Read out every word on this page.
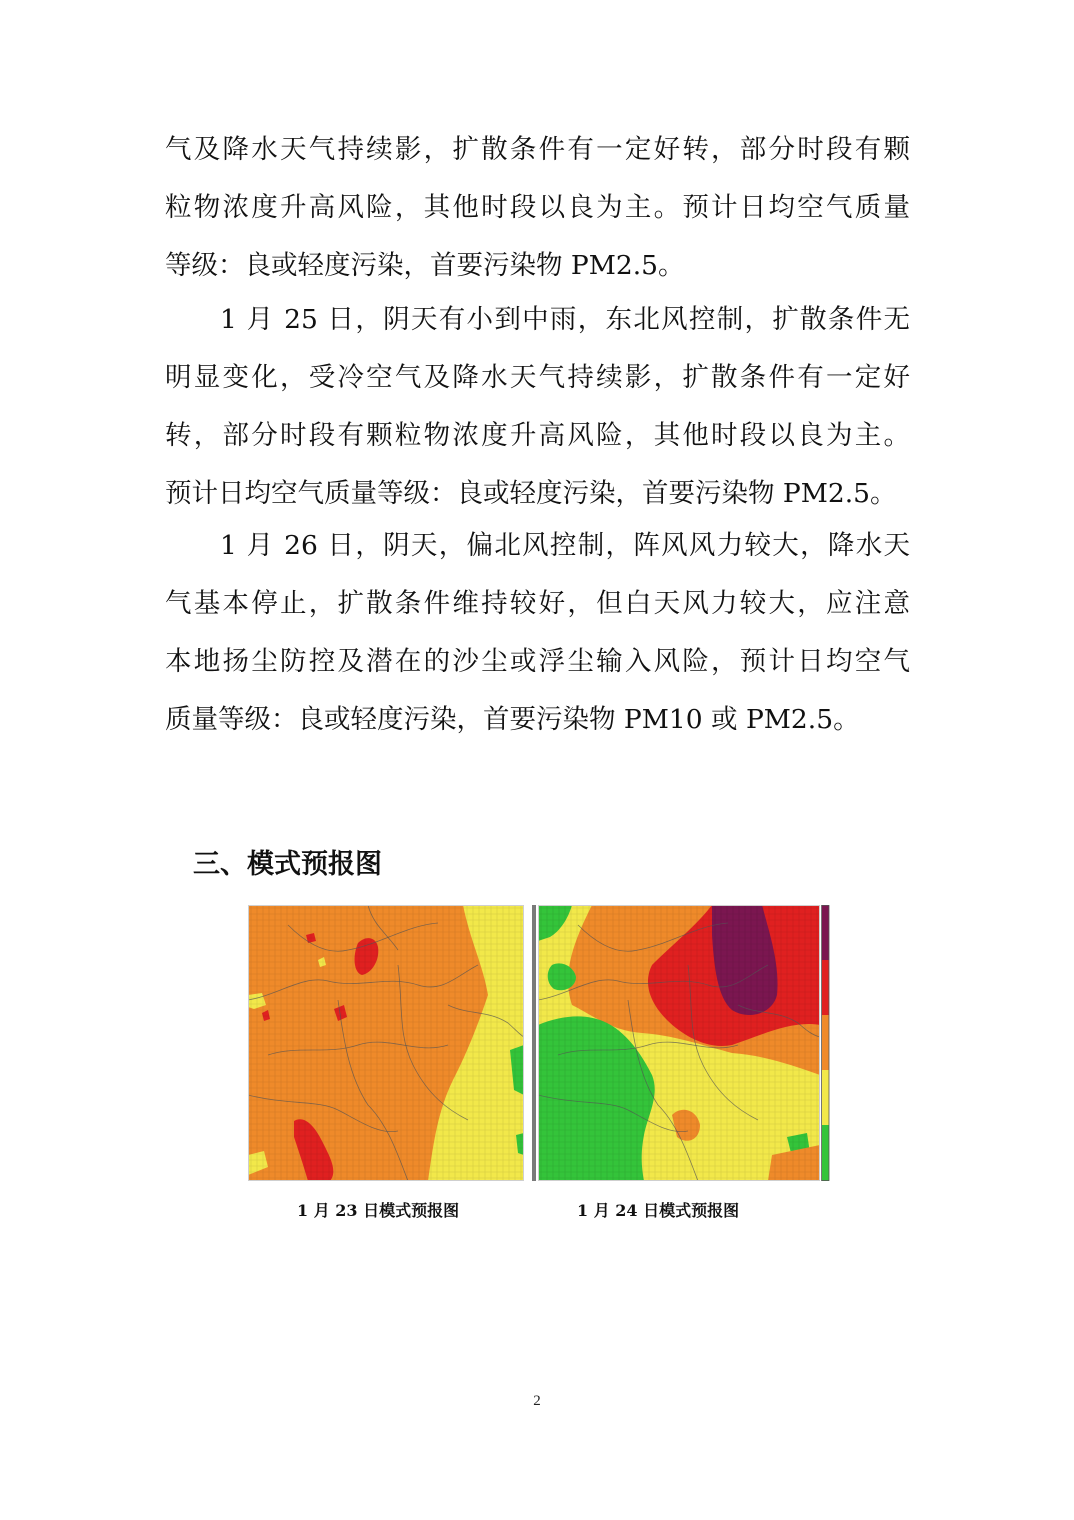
气及降水天气持续影，扩散条件有一定好转，部分时段有颗
粒物浓度升高风险，其他时段以良为主。预计日均空气质量
等级：良或轻度污染，首要污染物 PM2.5。
1 月 25 日，阴天有小到中雨，东北风控制，扩散条件无
明显变化，受冷空气及降水天气持续影，扩散条件有一定好
转，部分时段有颗粒物浓度升高风险，其他时段以良为主。
预计日均空气质量等级：良或轻度污染，首要污染物 PM2.5。
1 月 26 日，阴天，偏北风控制，阵风风力较大，降水天
气基本停止，扩散条件维持较好，但白天风力较大，应注意
本地扬尘防控及潜在的沙尘或浮尘输入风险，预计日均空气
质量等级：良或轻度污染，首要污染物 PM10 或 PM2.5。
三、模式预报图
1 月 23 日模式预报图	1 月 24 日模式预报图
2
